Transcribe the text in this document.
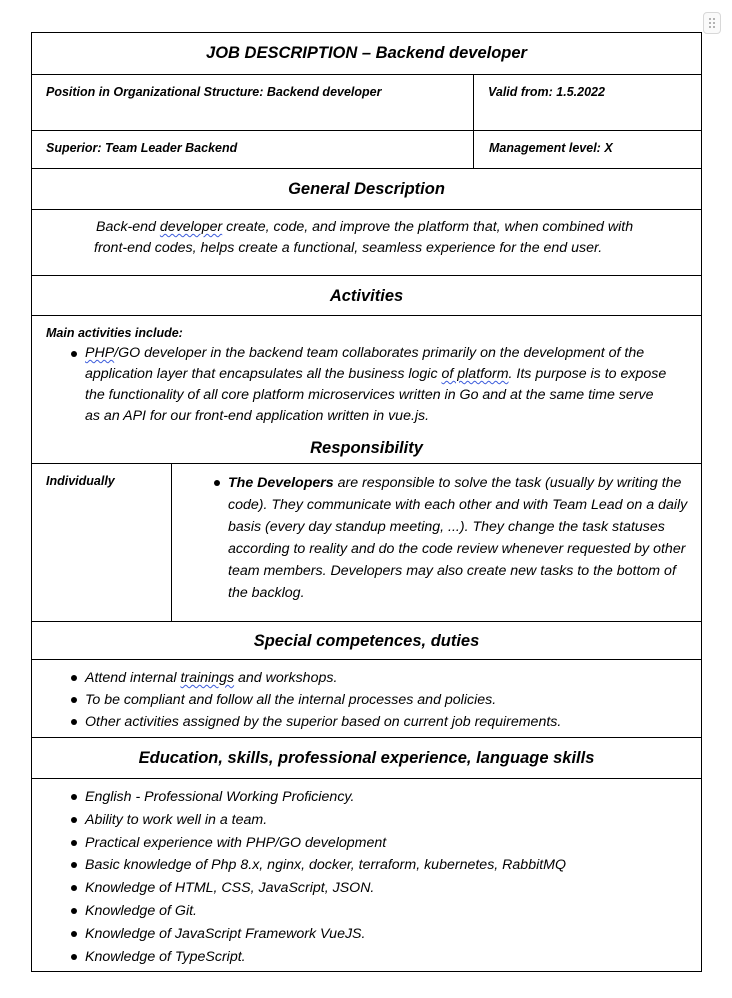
JOB DESCRIPTION – Backend developer
Position in Organizational Structure: Backend developer	Valid from: 1.5.2022
Superior: Team Leader Backend	Management level: X
General Description
Back-end developer create, code, and improve the platform that, when combined with
front-end codes, helps create a functional, seamless experience for the end user.
Activities
Main activities include:
PHP/GO developer in the backend team collaborates primarily on the development of the application layer that encapsulates all the business logic of platform. Its purpose is to expose the functionality of all core platform microservices written in Go and at the same time serve as an API for our front-end application written in vue.js.
Responsibility
Individually	The Developers are responsible to solve the task (usually by writing the code). They communicate with each other and with Team Lead on a daily basis (every day standup meeting, ...). They change the task statuses according to reality and do the code review whenever requested by other team members. Developers may also create new tasks to the bottom of the backlog.
Special competences, duties
Attend internal trainings and workshops.
To be compliant and follow all the internal processes and policies.
Other activities assigned by the superior based on current job requirements.
Education, skills, professional experience, language skills
English - Professional Working Proficiency.
Ability to work well in a team.
Practical experience with PHP/GO development
Basic knowledge of Php 8.x, nginx, docker, terraform, kubernetes, RabbitMQ
Knowledge of HTML, CSS, JavaScript, JSON.
Knowledge of Git.
Knowledge of JavaScript Framework VueJS.
Knowledge of TypeScript.
